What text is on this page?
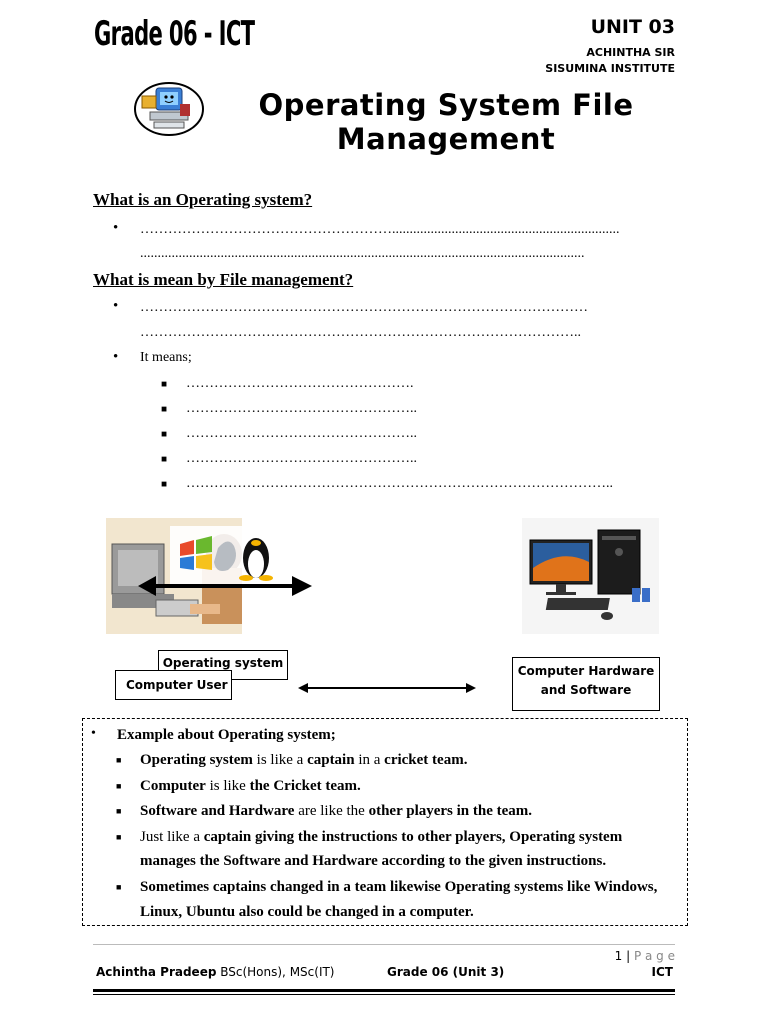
Grade 06 - ICT	UNIT 03
ACHINTHA SIR
SISUMINA INSTITUTE
Operating System File
Management
What is an Operating system?
• ……………………………………………….................................................................
...............................................................................................................................
What is mean by File management?
• ……………………………………………………………………………………
…………………………………………………………………………………..
• It means;
■ ………………………………………….
■ …………………………………………..
■ …………………………………………..
■ …………………………………………..
■ ………………………………………………………………………………..
Operating system
Computer User
Computer Hardware
and Software
• Example about Operating system;
■ Operating system is like a captain in a cricket team.
■ Computer is like the Cricket team.
■ Software and Hardware are like the other players in the team.
■ Just like a captain giving the instructions to other players, Operating system
manages the Software and Hardware according to the given instructions.
■ Sometimes captains changed in a team likewise Operating systems like Windows,
Linux, Ubuntu also could be changed in a computer.
1 | P a g e
Achintha Pradeep BSc(Hons), MSc(IT)	Grade 06 (Unit 3)	ICT
